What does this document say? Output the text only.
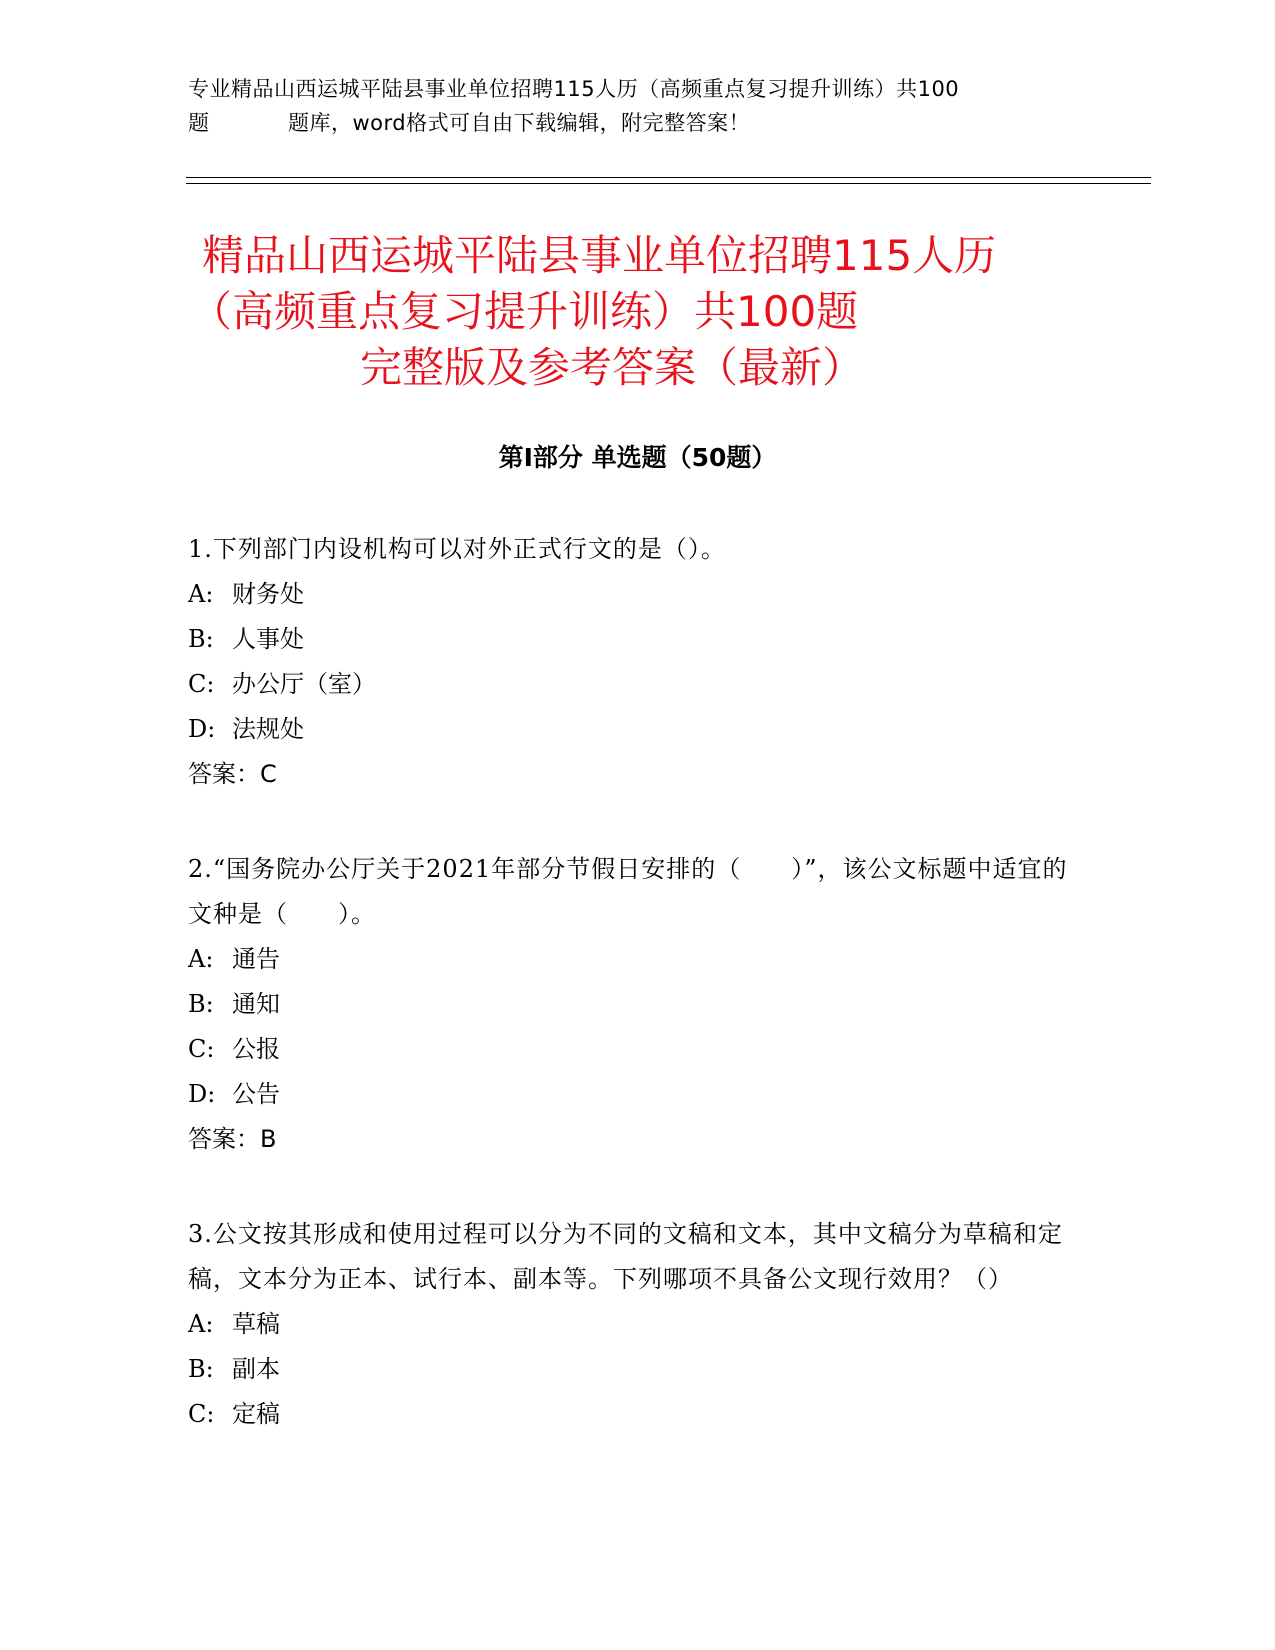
专业精品山西运城平陆县事业单位招聘115人历（高频重点复习提升训练）共100
题	题库，word格式可自由下载编辑，附完整答案！
精品山西运城平陆县事业单位招聘115人历
（高频重点复习提升训练）共100题
完整版及参考答案（最新）
第Ⅰ部分 单选题（50题）
1.下列部门内设机构可以对外正式行文的是（）。
A: 财务处
B: 人事处
C: 办公厅（室）
D: 法规处
答案：C
2.“国务院办公厅关于2021年部分节假日安排的（　　）”，该公文标题中适宜的文种是（　　）。
A: 通告
B: 通知
C: 公报
D: 公告
答案：B
3.公文按其形成和使用过程可以分为不同的文稿和文本，其中文稿分为草稿和定稿，文本分为正本、试行本、副本等。下列哪项不具备公文现行效用？（）
A: 草稿
B: 副本
C: 定稿
